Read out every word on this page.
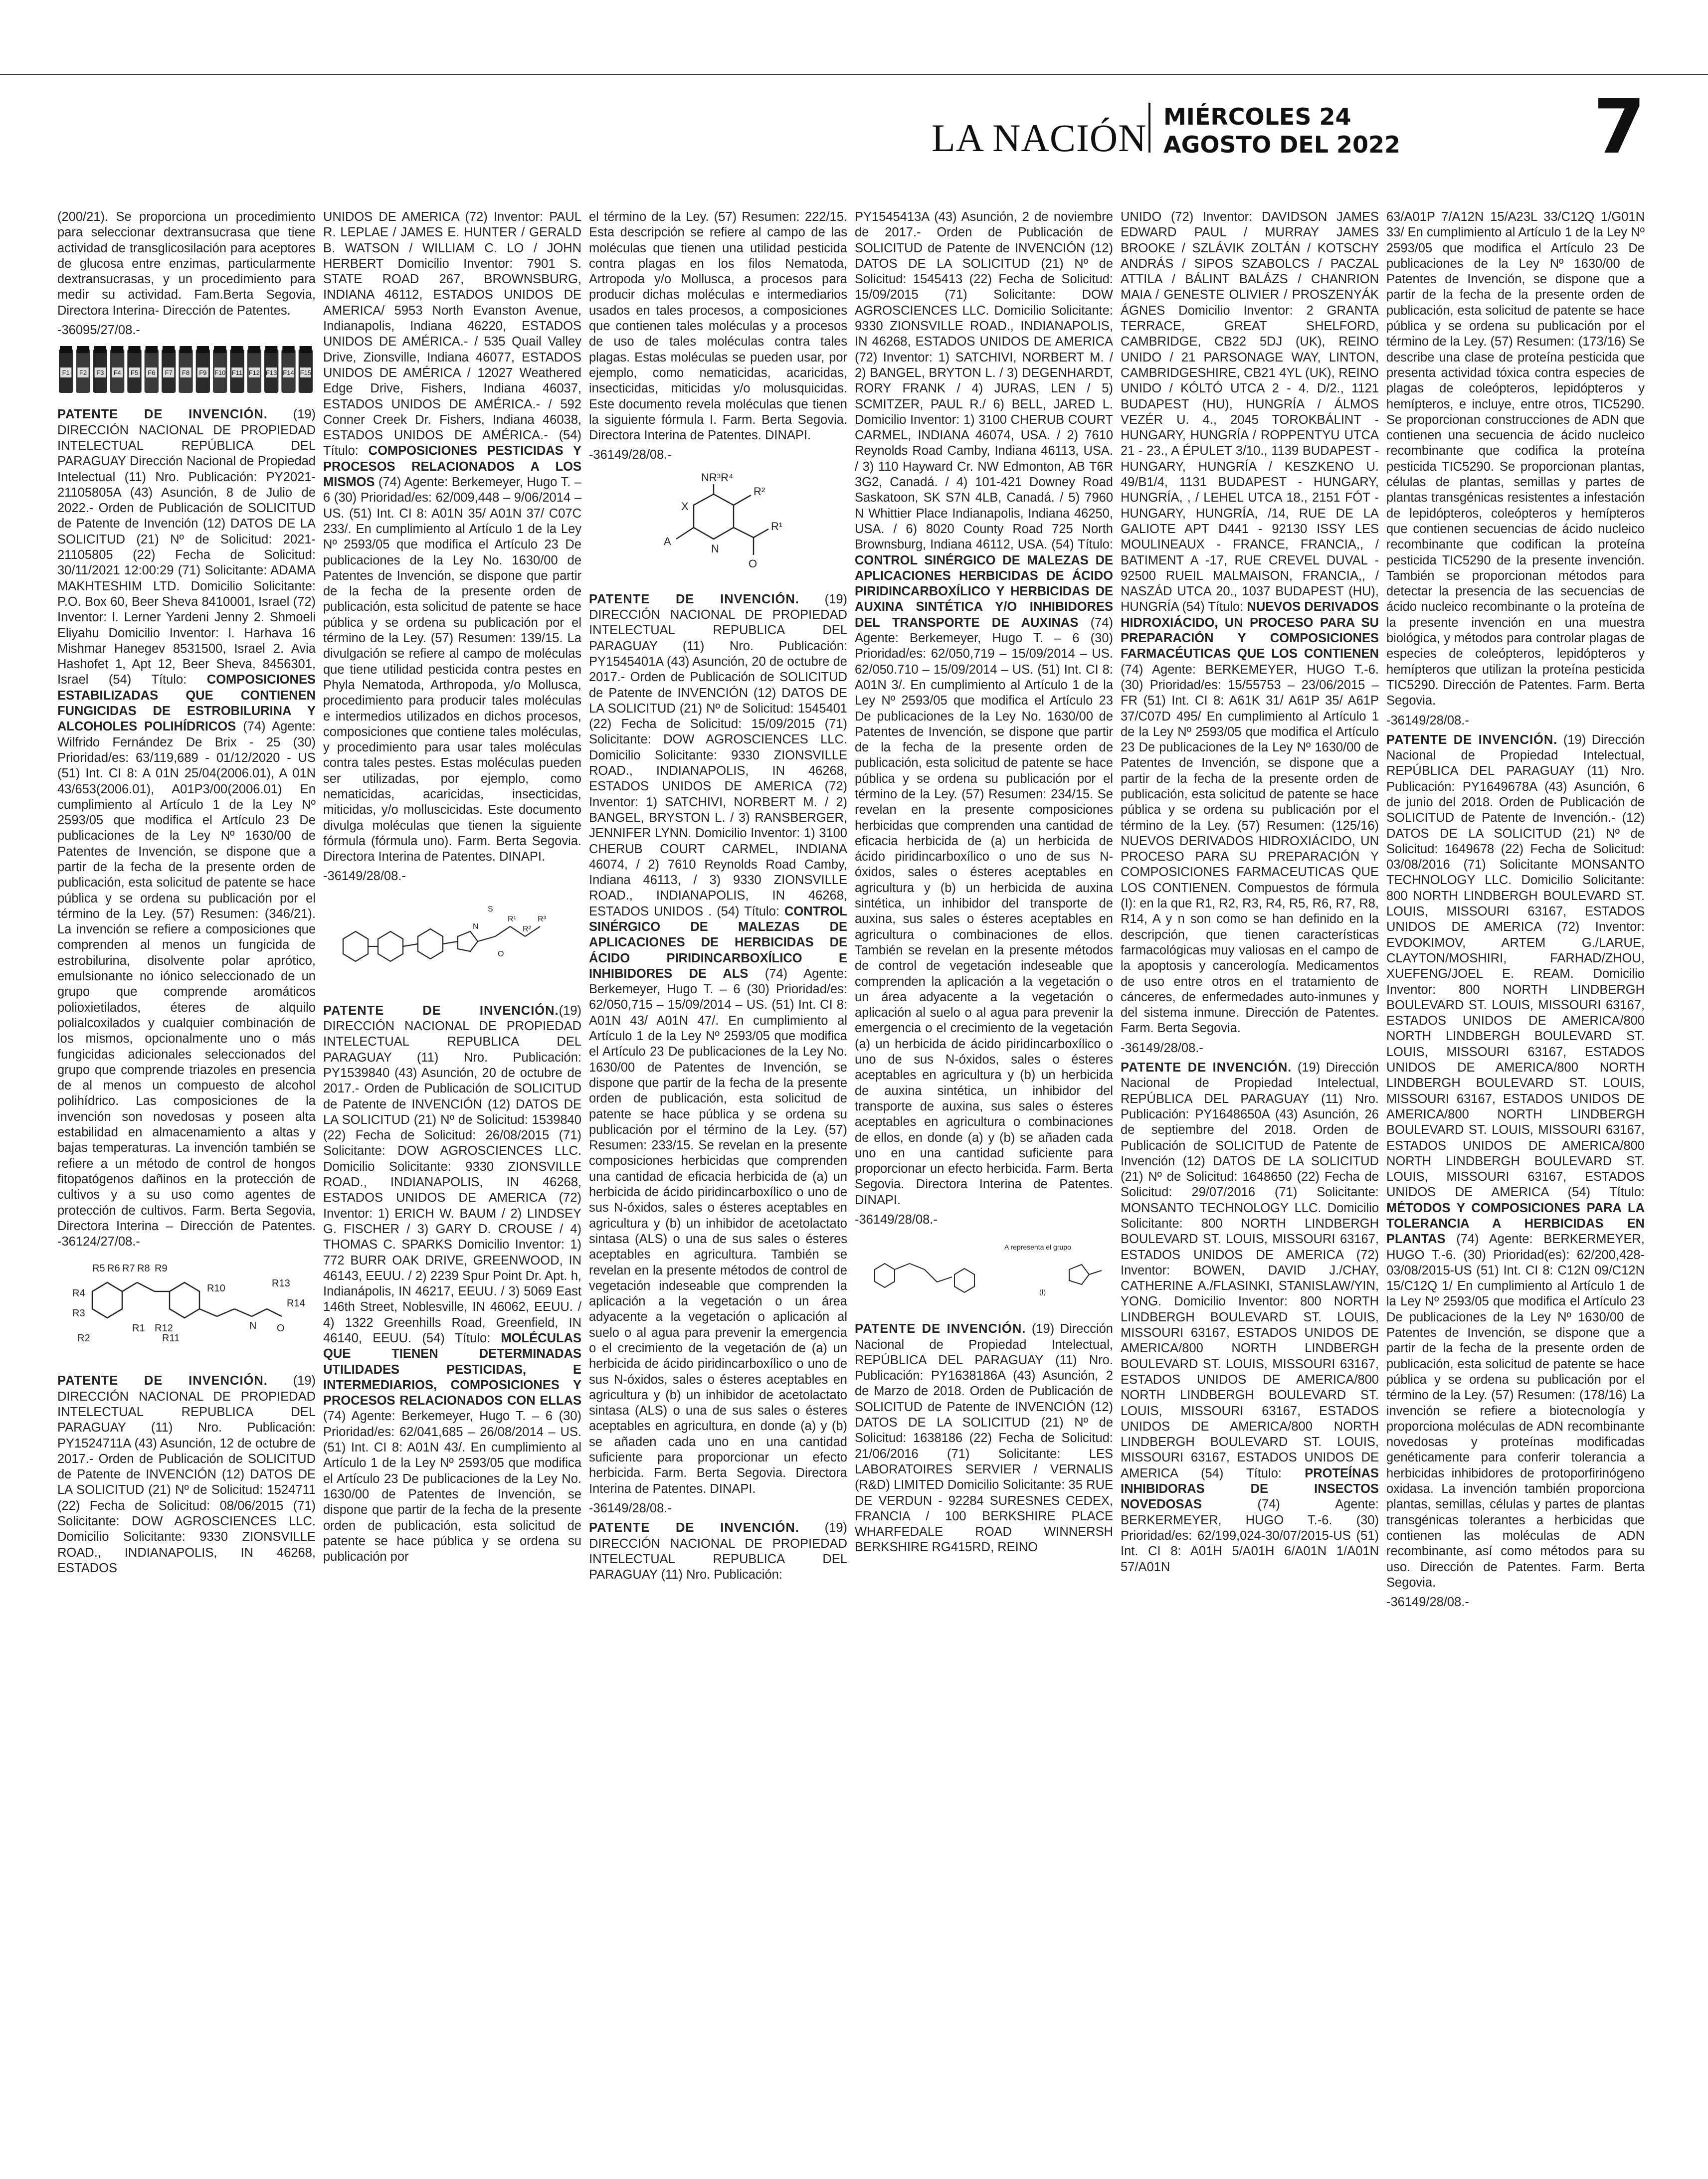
LA NACIÓN MIÉRCOLES 24
AGOSTO DEL 2022	7

(200/21). Se proporciona un procedimiento para seleccionar dextransucrasa que tiene actividad de transglicosilación para aceptores de glucosa entre enzimas, particularmente dextransucrasas, y un procedimiento para medir su actividad. Fam.Berta Segovia, Directora Interina- Dirección de Patentes.

-36095/27/08.-

F1 F2 F3 F4 F5 F6 F7 F8 F9 F10 F11 F12 F13 F14 F15

PATENTE DE INVENCIÓN. (19) DIRECCIÓN NACIONAL DE PROPIEDAD INTELECTUAL REPÚBLICA DEL PARAGUAY Dirección Nacional de Propiedad Intelectual (11) Nro. Publicación: PY2021-21105805A (43) Asunción, 8 de Julio de 2022.- Orden de Publicación de SOLICITUD de Patente de Invención (12) DATOS DE LA SOLICITUD (21) Nº de Solicitud: 2021-21105805 (22) Fecha de Solicitud: 30/11/2021 12:00:29 (71) Solicitante: ADAMA MAKHTESHIM LTD. Domicilio Solicitante: P.O. Box 60, Beer Sheva 8410001, Israel (72) Inventor: l. Lerner Yardeni Jenny 2. Shmoeli Eliyahu Domicilio Inventor: l. Harhava 16 Mishmar Hanegev 8531500, Israel 2. Avia Hashofet 1, Apt 12, Beer Sheva, 8456301, Israel (54) Título: COMPOSICIONES ESTABILIZADAS QUE CONTIENEN FUNGICIDAS DE ESTROBILURINA Y ALCOHOLES POLIHÍDRICOS (74) Agente: Wilfrido Fernández De Brix - 25 (30) Prioridad/es: 63/119,689 - 01/12/2020 - US (51) Int. CI 8: A 01N 25/04(2006.01), A 01N 43/653(2006.01), A01P3/00(2006.01) En cumplimiento al Artículo 1 de la Ley Nº 2593/05 que modifica el Artículo 23 De publicaciones de la Ley Nº 1630/00 de Patentes de Invención, se dispone que a partir de la fecha de la presente orden de publicación, esta solicitud de patente se hace pública y se ordena su publicación por el término de la Ley. (57) Resumen: (346/21). La invención se refiere a composiciones que comprenden al menos un fungicida de estrobilurina, disolvente polar aprótico, emulsionante no iónico seleccionado de un grupo que comprende aromáticos polioxietilados, éteres de alquilo polialcoxilados y cualquier combinación de los mismos, opcionalmente uno o más fungicidas adicionales seleccionados del grupo que comprende triazoles en presencia de al menos un compuesto de alcohol polihídrico. Las composiciones de la invención son novedosas y poseen alta estabilidad en almacenamiento a altas y bajas temperaturas. La invención también se refiere a un método de control de hongos fitopatógenos dañinos en la protección de cultivos y a su uso como agentes de protección de cultivos. Farm. Berta Segovia, Directora Interina – Dirección de Patentes. -36124/27/08.-

R5 R6 R7 R8 R9
R4	R10
R3
R1 R12
R13
R14
R2	R11
N O

PATENTE DE INVENCIÓN. (19) DIRECCIÓN NACIONAL DE PROPIEDAD INTELECTUAL REPUBLICA DEL PARAGUAY (11) Nro. Publicación: PY1524711A (43) Asunción, 12 de octubre de 2017.- Orden de Publicación de SOLICITUD de Patente de INVENCIÓN (12) DATOS DE LA SOLICITUD (21) Nº de Solicitud: 1524711 (22) Fecha de Solicitud: 08/06/2015 (71) Solicitante: DOW AGROSCIENCES LLC. Domicilio Solicitante: 9330 ZIONSVILLE ROAD., INDIANAPOLIS, IN 46268, ESTADOS

UNIDOS DE AMERICA (72) Inventor: PAUL R. LEPLAE / JAMES E. HUNTER / GERALD B. WATSON / WILLIAM C. LO / JOHN HERBERT Domicilio Inventor: 7901 S. STATE ROAD 267, BROWNSBURG, INDIANA 46112, ESTADOS UNIDOS DE AMERICA/ 5953 North Evanston Avenue, Indianapolis, Indiana 46220, ESTADOS UNIDOS DE AMÉRICA.- / 535 Quail Valley Drive, Zionsville, Indiana 46077, ESTADOS UNIDOS DE AMÉRICA / 12027 Weathered Edge Drive, Fishers, Indiana 46037, ESTADOS UNIDOS DE AMÉRICA.- / 592 Conner Creek Dr. Fishers, Indiana 46038, ESTADOS UNIDOS DE AMÉRICA.- (54) Título: COMPOSICIONES PESTICIDAS Y PROCESOS RELACIONADOS A LOS MISMOS (74) Agente: Berkemeyer, Hugo T. – 6 (30) Prioridad/es: 62/009,448 – 9/06/2014 – US. (51) Int. CI 8: A01N 35/ A01N 37/ C07C 233/. En cumplimiento al Artículo 1 de la Ley Nº 2593/05 que modifica el Artículo 23 De publicaciones de la Ley No. 1630/00 de Patentes de Invención, se dispone que partir de la fecha de la presente orden de publicación, esta solicitud de patente se hace pública y se ordena su publicación por el término de la Ley. (57) Resumen: 139/15. La divulgación se refiere al campo de moléculas que tiene utilidad pesticida contra pestes en Phyla Nematoda, Arthropoda, y/o Mollusca, procedimiento para producir tales moléculas e intermedios utilizados en dichos procesos, composiciones que contiene tales moléculas, y procedimiento para usar tales moléculas contra tales pestes. Estas moléculas pueden ser utilizadas, por ejemplo, como nematicidas, acaricidas, insecticidas, miticidas, y/o molluscicidas. Este documento divulga moléculas que tienen la siguiente fórmula (fórmula uno). Farm. Berta Segovia. Directora Interina de Patentes. DINAPI.

-36149/28/08.-

R¹
R²
R³
N
S
O

PATENTE DE INVENCIÓN.(19) DIRECCIÓN NACIONAL DE PROPIEDAD INTELECTUAL REPUBLICA DEL PARAGUAY (11) Nro. Publicación: PY1539840 (43) Asunción, 20 de octubre de 2017.- Orden de Publicación de SOLICITUD de Patente de INVENCIÓN (12) DATOS DE LA SOLICITUD (21) Nº de Solicitud: 1539840 (22) Fecha de Solicitud: 26/08/2015 (71) Solicitante: DOW AGROSCIENCES LLC. Domicilio Solicitante: 9330 ZIONSVILLE ROAD., INDIANAPOLIS, IN 46268, ESTADOS UNIDOS DE AMERICA (72) Inventor: 1) ERICH W. BAUM / 2) LINDSEY G. FISCHER / 3) GARY D. CROUSE / 4) THOMAS C. SPARKS Domicilio Inventor: 1) 772 BURR OAK DRIVE, GREENWOOD, IN 46143, EEUU. / 2) 2239 Spur Point Dr. Apt. h, Indianápolis, IN 46217, EEUU. / 3) 5069 East 146th Street, Noblesville, IN 46062, EEUU. / 4) 1322 Greenhills Road, Greenfield, IN 46140, EEUU. (54) Título: MOLÉCULAS QUE TIENEN DETERMINADAS UTILIDADES PESTICIDAS, E INTERMEDIARIOS, COMPOSICIONES Y PROCESOS RELACIONADOS CON ELLAS (74) Agente: Berkemeyer, Hugo T. – 6 (30) Prioridad/es: 62/041,685 – 26/08/2014 – US. (51) Int. CI 8: A01N 43/. En cumplimiento al Artículo 1 de la Ley Nº 2593/05 que modifica el Artículo 23 De publicaciones de la Ley No. 1630/00 de Patentes de Invención, se dispone que partir de la fecha de la presente orden de publicación, esta solicitud de patente se hace pública y se ordena su publicación por

el término de la Ley. (57) Resumen: 222/15. Esta descripción se refiere al campo de las moléculas que tienen una utilidad pesticida contra plagas en los filos Nematoda, Artropoda y/o Mollusca, a procesos para producir dichas moléculas e intermediarios usados en tales procesos, a composiciones que contienen tales moléculas y a procesos de uso de tales moléculas contra tales plagas. Estas moléculas se pueden usar, por ejemplo, como nematicidas, acaricidas, insecticidas, miticidas y/o molusquicidas. Este documento revela moléculas que tienen la siguiente fórmula I. Farm. Berta Segovia. Directora Interina de Patentes. DINAPI.

-36149/28/08.-

NR³R⁴
R²
R¹
X
N
A
O

PATENTE DE INVENCIÓN. (19) DIRECCIÓN NACIONAL DE PROPIEDAD INTELECTUAL REPUBLICA DEL PARAGUAY (11) Nro. Publicación: PY1545401A (43) Asunción, 20 de octubre de 2017.- Orden de Publicación de SOLICITUD de Patente de INVENCIÓN (12) DATOS DE LA SOLICITUD (21) Nº de Solicitud: 1545401 (22) Fecha de Solicitud: 15/09/2015 (71) Solicitante: DOW AGROSCIENCES LLC. Domicilio Solicitante: 9330 ZIONSVILLE ROAD., INDIANAPOLIS, IN 46268, ESTADOS UNIDOS DE AMERICA (72) Inventor: 1) SATCHIVI, NORBERT M. / 2) BANGEL, BRYSTON L. / 3) RANSBERGER, JENNIFER LYNN. Domicilio Inventor: 1) 3100 CHERUB COURT CARMEL, INDIANA 46074, / 2) 7610 Reynolds Road Camby, Indiana 46113, / 3) 9330 ZIONSVILLE ROAD., INDIANAPOLIS, IN 46268, ESTADOS UNIDOS . (54) Título: CONTROL SINÉRGICO DE MALEZAS DE APLICACIONES DE HERBICIDAS DE ÁCIDO PIRIDINCARBOXÍLICO E INHIBIDORES DE ALS (74) Agente: Berkemeyer, Hugo T. – 6 (30) Prioridad/es: 62/050,715 – 15/09/2014 – US. (51) Int. CI 8: A01N 43/ A01N 47/. En cumplimiento al Artículo 1 de la Ley Nº 2593/05 que modifica el Artículo 23 De publicaciones de la Ley No. 1630/00 de Patentes de Invención, se dispone que partir de la fecha de la presente orden de publicación, esta solicitud de patente se hace pública y se ordena su publicación por el término de la Ley. (57) Resumen: 233/15. Se revelan en la presente composiciones herbicidas que comprenden una cantidad de eficacia herbicida de (a) un herbicida de ácido piridincarboxílico o uno de sus N-óxidos, sales o ésteres aceptables en agricultura y (b) un inhibidor de acetolactato sintasa (ALS) o una de sus sales o ésteres aceptables en agricultura. También se revelan en la presente métodos de control de vegetación indeseable que comprenden la aplicación a la vegetación o un área adyacente a la vegetación o aplicación al suelo o al agua para prevenir la emergencia o el crecimiento de la vegetación de (a) un herbicida de ácido piridincarboxílico o uno de sus N-óxidos, sales o ésteres aceptables en agricultura y (b) un inhibidor de acetolactato sintasa (ALS) o una de sus sales o ésteres aceptables en agricultura, en donde (a) y (b) se añaden cada uno en una cantidad suficiente para proporcionar un efecto herbicida. Farm. Berta Segovia. Directora Interina de Patentes. DINAPI.

-36149/28/08.-

PATENTE DE INVENCIÓN. (19) DIRECCIÓN NACIONAL DE PROPIEDAD INTELECTUAL REPUBLICA DEL PARAGUAY (11) Nro. Publicación:

PY1545413A (43) Asunción, 2 de noviembre de 2017.- Orden de Publicación de SOLICITUD de Patente de INVENCIÓN (12) DATOS DE LA SOLICITUD (21) Nº de Solicitud: 1545413 (22) Fecha de Solicitud: 15/09/2015 (71) Solicitante: DOW AGROSCIENCES LLC. Domicilio Solicitante: 9330 ZIONSVILLE ROAD., INDIANAPOLIS, IN 46268, ESTADOS UNIDOS DE AMERICA (72) Inventor: 1) SATCHIVI, NORBERT M. / 2) BANGEL, BRYTON L. / 3) DEGENHARDT, RORY FRANK / 4) JURAS, LEN / 5) SCMITZER, PAUL R./ 6) BELL, JARED L. Domicilio Inventor: 1) 3100 CHERUB COURT CARMEL, INDIANA 46074, USA. / 2) 7610 Reynolds Road Camby, Indiana 46113, USA. / 3) 110 Hayward Cr. NW Edmonton, AB T6R 3G2, Canadá. / 4) 101-421 Downey Road Saskatoon, SK S7N 4LB, Canadá. / 5) 7960 N Whittier Place Indianapolis, Indiana 46250, USA. / 6) 8020 County Road 725 North Brownsburg, Indiana 46112, USA. (54) Título: CONTROL SINÉRGICO DE MALEZAS DE APLICACIONES HERBICIDAS DE ÁCIDO PIRIDINCARBOXÍLICO Y HERBICIDAS DE AUXINA SINTÉTICA Y/O INHIBIDORES DEL TRANSPORTE DE AUXINAS (74) Agente: Berkemeyer, Hugo T. – 6 (30) Prioridad/es: 62/050,719 – 15/09/2014 – US. 62/050.710 – 15/09/2014 – US. (51) Int. CI 8: A01N 3/. En cumplimiento al Artículo 1 de la Ley Nº 2593/05 que modifica el Artículo 23 De publicaciones de la Ley No. 1630/00 de Patentes de Invención, se dispone que partir de la fecha de la presente orden de publicación, esta solicitud de patente se hace pública y se ordena su publicación por el término de la Ley. (57) Resumen: 234/15. Se revelan en la presente composiciones herbicidas que comprenden una cantidad de eficacia herbicida de (a) un herbicida de ácido piridincarboxílico o uno de sus N-óxidos, sales o ésteres aceptables en agricultura y (b) un herbicida de auxina sintética, un inhibidor del transporte de auxina, sus sales o ésteres aceptables en agricultura o combinaciones de ellos. También se revelan en la presente métodos de control de vegetación indeseable que comprenden la aplicación a la vegetación o un área adyacente a la vegetación o aplicación al suelo o al agua para prevenir la emergencia o el crecimiento de la vegetación (a) un herbicida de ácido piridincarboxílico o uno de sus N-óxidos, sales o ésteres aceptables en agricultura y (b) un herbicida de auxina sintética, un inhibidor del transporte de auxina, sus sales o ésteres aceptables en agricultura o combinaciones de ellos, en donde (a) y (b) se añaden cada uno en una cantidad suficiente para proporcionar un efecto herbicida. Farm. Berta Segovia. Directora Interina de Patentes. DINAPI.

-36149/28/08.-

A representa el grupo
(I)

PATENTE DE INVENCIÓN. (19) Dirección Nacional de Propiedad Intelectual, REPÚBLICA DEL PARAGUAY (11) Nro. Publicación: PY1638186A (43) Asunción, 2 de Marzo de 2018. Orden de Publicación de SOLICITUD de Patente de INVENCIÓN (12) DATOS DE LA SOLICITUD (21) Nº de Solicitud: 1638186 (22) Fecha de Solicitud: 21/06/2016 (71) Solicitante: LES LABORATOIRES SERVIER / VERNALIS (R&D) LIMITED Domicilio Solicitante: 35 RUE DE VERDUN - 92284 SURESNES CEDEX, FRANCIA / 100 BERKSHIRE PLACE WHARFEDALE ROAD WINNERSH BERKSHIRE RG415RD, REINO

UNIDO (72) Inventor: DAVIDSON JAMES EDWARD PAUL / MURRAY JAMES BROOKE / SZLÁVIK ZOLTÁN / KOTSCHY ANDRÁS / SIPOS SZABOLCS / PACZAL ATTILA / BÁLINT BALÁZS / CHANRION MAIA / GENESTE OLIVIER / PROSZENYÁK ÁGNES Domicilio Inventor: 2 GRANTA TERRACE, GREAT SHELFORD, CAMBRIDGE, CB22 5DJ (UK), REINO UNIDO / 21 PARSONAGE WAY, LINTON, CAMBRIDGESHIRE, CB21 4YL (UK), REINO UNIDO / KÓLTÓ UTCA 2 - 4. D/2., 1121 BUDAPEST (HU), HUNGRÍA / ÁLMOS VEZÉR U. 4., 2045 TOROKBÁLINT - HUNGARY, HUNGRÍA / ROPPENTYU UTCA 21 - 23., A ÉPULET 3/10., 1139 BUDAPEST - HUNGARY, HUNGRÍA / KESZKENO U. 49/B1/4, 1131 BUDAPEST - HUNGARY, HUNGRÍA, , / LEHEL UTCA 18., 2151 FÓT - HUNGARY, HUNGRÍA, /14, RUE DE LA GALIOTE APT D441 - 92130 ISSY LES MOULINEAUX - FRANCE, FRANCIA,, / BATIMENT A -17, RUE CREVEL DUVAL - 92500 RUEIL MALMAISON, FRANCIA,, / NASZÁD UTCA 20., 1037 BUDAPEST (HU), HUNGRÍA (54) Título: NUEVOS DERIVADOS HIDROXIÁCIDO, UN PROCESO PARA SU PREPARACIÓN Y COMPOSICIONES FARMACÉUTICAS QUE LOS CONTIENEN (74) Agente: BERKEMEYER, HUGO T.-6. (30) Prioridad/es: 15/55753 – 23/06/2015 – FR (51) Int. CI 8: A61K 31/ A61P 35/ A61P 37/C07D 495/ En cumplimiento al Artículo 1 de la Ley Nº 2593/05 que modifica el Artículo 23 De publicaciones de la Ley Nº 1630/00 de Patentes de Invención, se dispone que a partir de la fecha de la presente orden de publicación, esta solicitud de patente se hace pública y se ordena su publicación por el término de la Ley. (57) Resumen: (125/16) NUEVOS DERIVADOS HIDROXIÁCIDO, UN PROCESO PARA SU PREPARACIÓN Y COMPOSICIONES FARMACEUTICAS QUE LOS CONTIENEN. Compuestos de fórmula (I): en la que R1, R2, R3, R4, R5, R6, R7, R8, R14, A y n son como se han definido en la descripción, que tienen características farmacológicas muy valiosas en el campo de la apoptosis y cancerología. Medicamentos de uso entre otros en el tratamiento de cánceres, de enfermedades auto-inmunes y del sistema inmune. Dirección de Patentes. Farm. Berta Segovia.

-36149/28/08.-

PATENTE DE INVENCIÓN. (19) Dirección Nacional de Propiedad Intelectual, REPÚBLICA DEL PARAGUAY (11) Nro. Publicación: PY1648650A (43) Asunción, 26 de septiembre del 2018. Orden de Publicación de SOLICITUD de Patente de Invención (12) DATOS DE LA SOLICITUD (21) Nº de Solicitud: 1648650 (22) Fecha de Solicitud: 29/07/2016 (71) Solicitante: MONSANTO TECHNOLOGY LLC. Domicilio Solicitante: 800 NORTH LINDBERGH BOULEVARD ST. LOUIS, MISSOURI 63167, ESTADOS UNIDOS DE AMERICA (72) Inventor: BOWEN, DAVID J./CHAY, CATHERINE A./FLASINKI, STANISLAW/YIN, YONG. Domicilio Inventor: 800 NORTH LINDBERGH BOULEVARD ST. LOUIS, MISSOURI 63167, ESTADOS UNIDOS DE AMERICA/800 NORTH LINDBERGH BOULEVARD ST. LOUIS, MISSOURI 63167, ESTADOS UNIDOS DE AMERICA/800 NORTH LINDBERGH BOULEVARD ST. LOUIS, MISSOURI 63167, ESTADOS UNIDOS DE AMERICA/800 NORTH LINDBERGH BOULEVARD ST. LOUIS, MISSOURI 63167, ESTADOS UNIDOS DE AMERICA (54) Título: PROTEÍNAS INHIBIDORAS DE INSECTOS NOVEDOSAS (74) Agente: BERKERMEYER, HUGO T.-6. (30) Prioridad/es: 62/199,024-30/07/2015-US (51) Int. CI 8: A01H 5/A01H 6/A01N 1/A01N 57/A01N

63/A01P 7/A12N 15/A23L 33/C12Q 1/G01N 33/ En cumplimiento al Artículo 1 de la Ley Nº 2593/05 que modifica el Artículo 23 De publicaciones de la Ley Nº 1630/00 de Patentes de Invención, se dispone que a partir de la fecha de la presente orden de publicación, esta solicitud de patente se hace pública y se ordena su publicación por el término de la Ley. (57) Resumen: (173/16) Se describe una clase de proteína pesticida que presenta actividad tóxica contra especies de plagas de coleópteros, lepidópteros y hemípteros, e incluye, entre otros, TIC5290. Se proporcionan construcciones de ADN que contienen una secuencia de ácido nucleico recombinante que codifica la proteína pesticida TIC5290. Se proporcionan plantas, células de plantas, semillas y partes de plantas transgénicas resistentes a infestación de lepidópteros, coleópteros y hemípteros que contienen secuencias de ácido nucleico recombinante que codifican la proteína pesticida TIC5290 de la presente invención. También se proporcionan métodos para detectar la presencia de las secuencias de ácido nucleico recombinante o la proteína de la presente invención en una muestra biológica, y métodos para controlar plagas de especies de coleópteros, lepidópteros y hemípteros que utilizan la proteína pesticida TIC5290. Dirección de Patentes. Farm. Berta Segovia.

-36149/28/08.-

PATENTE DE INVENCIÓN. (19) Dirección Nacional de Propiedad Intelectual, REPÚBLICA DEL PARAGUAY (11) Nro. Publicación: PY1649678A (43) Asunción, 6 de junio del 2018. Orden de Publicación de SOLICITUD de Patente de Invención.- (12) DATOS DE LA SOLICITUD (21) Nº de Solicitud: 1649678 (22) Fecha de Solicitud: 03/08/2016 (71) Solicitante MONSANTO TECHNOLOGY LLC. Domicilio Solicitante: 800 NORTH LINDBERGH BOULEVARD ST. LOUIS, MISSOURI 63167, ESTADOS UNIDOS DE AMERICA (72) Inventor: EVDOKIMOV, ARTEM G./LARUE, CLAYTON/MOSHIRI, FARHAD/ZHOU, XUEFENG/JOEL E. REAM. Domicilio Inventor: 800 NORTH LINDBERGH BOULEVARD ST. LOUIS, MISSOURI 63167, ESTADOS UNIDOS DE AMERICA/800 NORTH LINDBERGH BOULEVARD ST. LOUIS, MISSOURI 63167, ESTADOS UNIDOS DE AMERICA/800 NORTH LINDBERGH BOULEVARD ST. LOUIS, MISSOURI 63167, ESTADOS UNIDOS DE AMERICA/800 NORTH LINDBERGH BOULEVARD ST. LOUIS, MISSOURI 63167, ESTADOS UNIDOS DE AMERICA/800 NORTH LINDBERGH BOULEVARD ST. LOUIS, MISSOURI 63167, ESTADOS UNIDOS DE AMERICA (54) Título: MÉTODOS Y COMPOSICIONES PARA LA TOLERANCIA A HERBICIDAS EN PLANTAS (74) Agente: BERKERMEYER, HUGO T.-6. (30) Prioridad(es): 62/200,428-03/08/2015-US (51) Int. CI 8: C12N 09/C12N 15/C12Q 1/ En cumplimiento al Artículo 1 de la Ley Nº 2593/05 que modifica el Artículo 23 De publicaciones de la Ley Nº 1630/00 de Patentes de Invención, se dispone que a partir de la fecha de la presente orden de publicación, esta solicitud de patente se hace pública y se ordena su publicación por el término de la Ley. (57) Resumen: (178/16) La invención se refiere a biotecnología y proporciona moléculas de ADN recombinante novedosas y proteínas modificadas genéticamente para conferir tolerancia a herbicidas inhibidores de protoporfirinógeno oxidasa. La invención también proporciona plantas, semillas, células y partes de plantas transgénicas tolerantes a herbicidas que contienen las moléculas de ADN recombinante, así como métodos para su uso. Dirección de Patentes. Farm. Berta Segovia.

-36149/28/08.-
